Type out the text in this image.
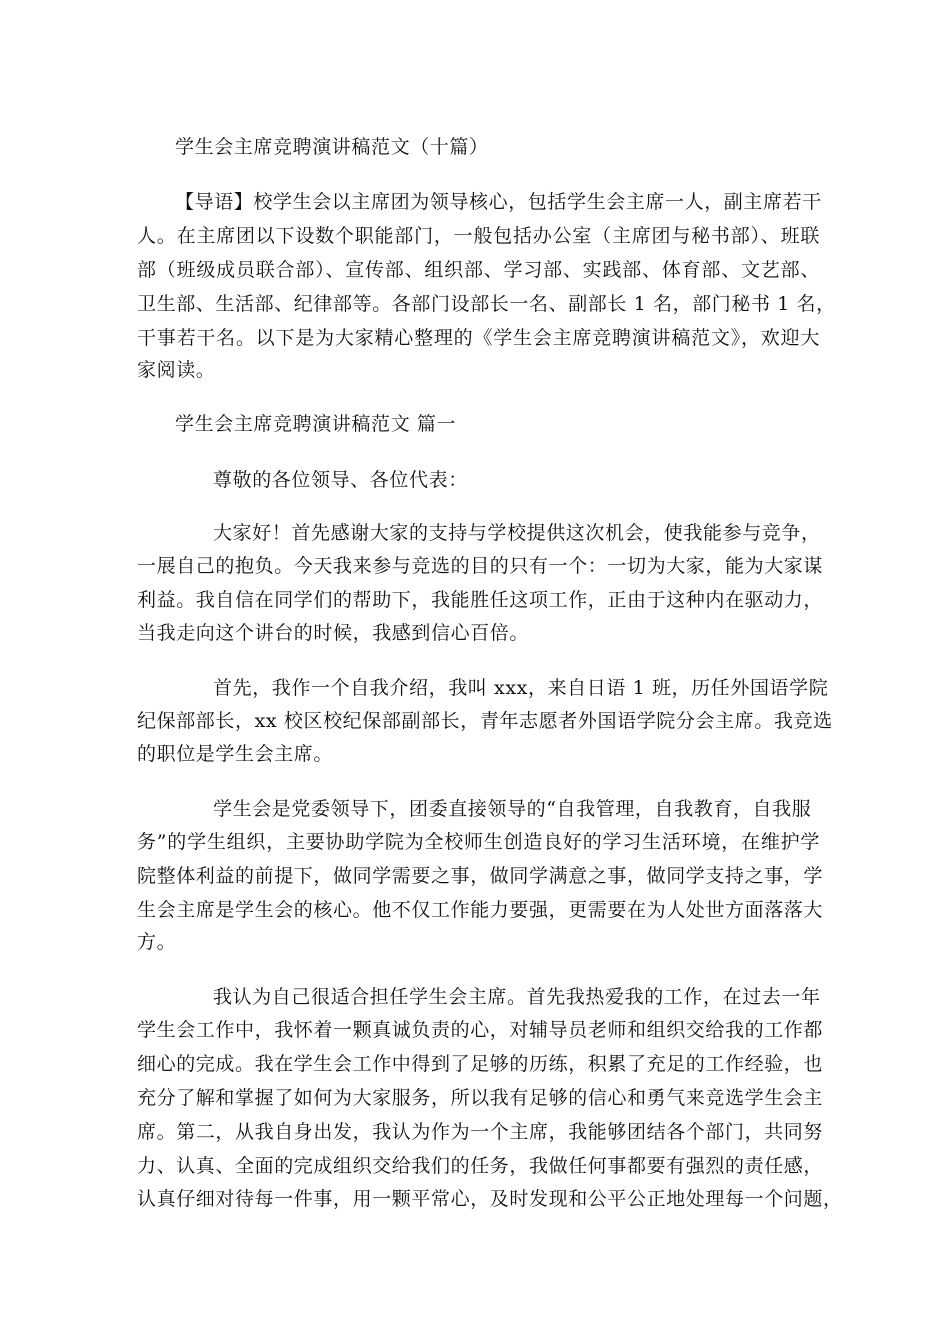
学生会主席竞聘演讲稿范文（十篇）
【导语】校学生会以主席团为领导核心，包括学生会主席一人，副主席若干
人。在主席团以下设数个职能部门，一般包括办公室（主席团与秘书部）、班联
部（班级成员联合部）、宣传部、组织部、学习部、实践部、体育部、文艺部、
卫生部、生活部、纪律部等。各部门设部长一名、副部长 1 名，部门秘书 1 名，
干事若干名。以下是为大家精心整理的《学生会主席竞聘演讲稿范文》，欢迎大
家阅读。
学生会主席竞聘演讲稿范文 篇一
尊敬的各位领导、各位代表：
大家好！首先感谢大家的支持与学校提供这次机会，使我能参与竞争，
一展自己的抱负。今天我来参与竞选的目的只有一个：一切为大家，能为大家谋
利益。我自信在同学们的帮助下，我能胜任这项工作，正由于这种内在驱动力，
当我走向这个讲台的时候，我感到信心百倍。
首先，我作一个自我介绍，我叫 xxx，来自日语 1 班，历任外国语学院
纪保部部长，xx 校区校纪保部副部长，青年志愿者外国语学院分会主席。我竞选
的职位是学生会主席。
学生会是党委领导下，团委直接领导的“自我管理，自我教育，自我服
务”的学生组织，主要协助学院为全校师生创造良好的学习生活环境，在维护学
院整体利益的前提下，做同学需要之事，做同学满意之事，做同学支持之事，学
生会主席是学生会的核心。他不仅工作能力要强，更需要在为人处世方面落落大
方。
我认为自己很适合担任学生会主席。首先我热爱我的工作，在过去一年
学生会工作中，我怀着一颗真诚负责的心，对辅导员老师和组织交给我的工作都
细心的完成。我在学生会工作中得到了足够的历练，积累了充足的工作经验，也
充分了解和掌握了如何为大家服务，所以我有足够的信心和勇气来竞选学生会主
席。第二，从我自身出发，我认为作为一个主席，我能够团结各个部门，共同努
力、认真、全面的完成组织交给我们的任务，我做任何事都要有强烈的责任感，
认真仔细对待每一件事，用一颗平常心，及时发现和公平公正地处理每一个问题，
